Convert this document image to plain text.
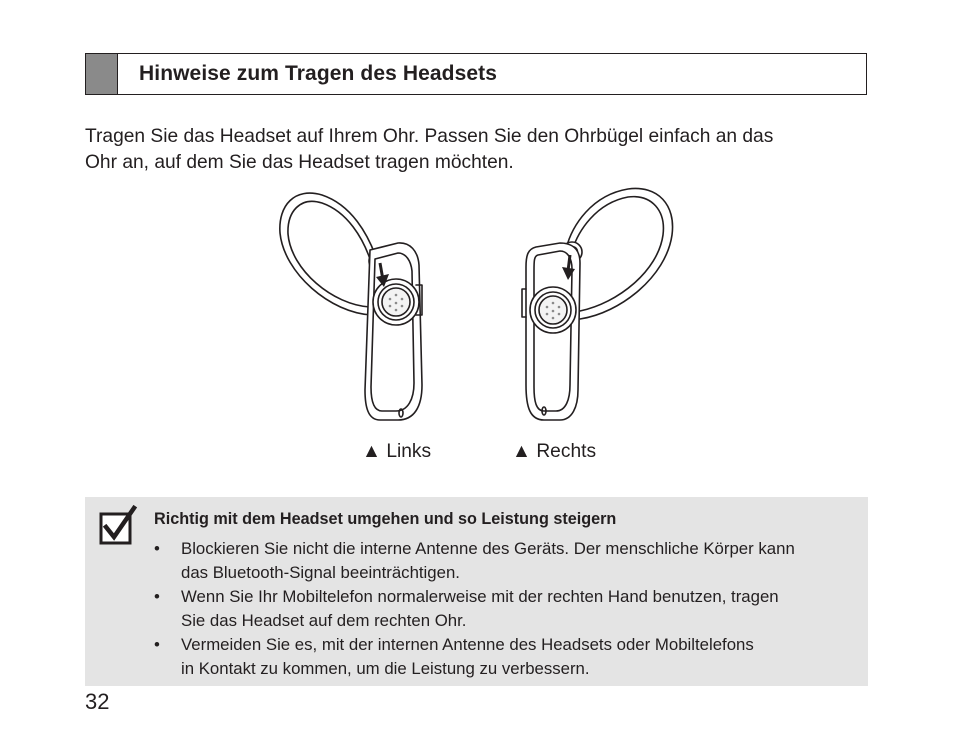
Hinweise zum Tragen des Headsets
Tragen Sie das Headset auf Ihrem Ohr. Passen Sie den Ohrbügel einfach an das
Ohr an, auf dem Sie das Headset tragen möchten.
▲ Links	▲ Rechts
Richtig mit dem Headset umgehen und so Leistung steigern
• Blockieren Sie nicht die interne Antenne des Geräts. Der menschliche Körper kann
das Bluetooth-Signal beeinträchtigen.
• Wenn Sie Ihr Mobiltelefon normalerweise mit der rechten Hand benutzen, tragen
Sie das Headset auf dem rechten Ohr.
• Vermeiden Sie es, mit der internen Antenne des Headsets oder Mobiltelefons
in Kontakt zu kommen, um die Leistung zu verbessern.
32
